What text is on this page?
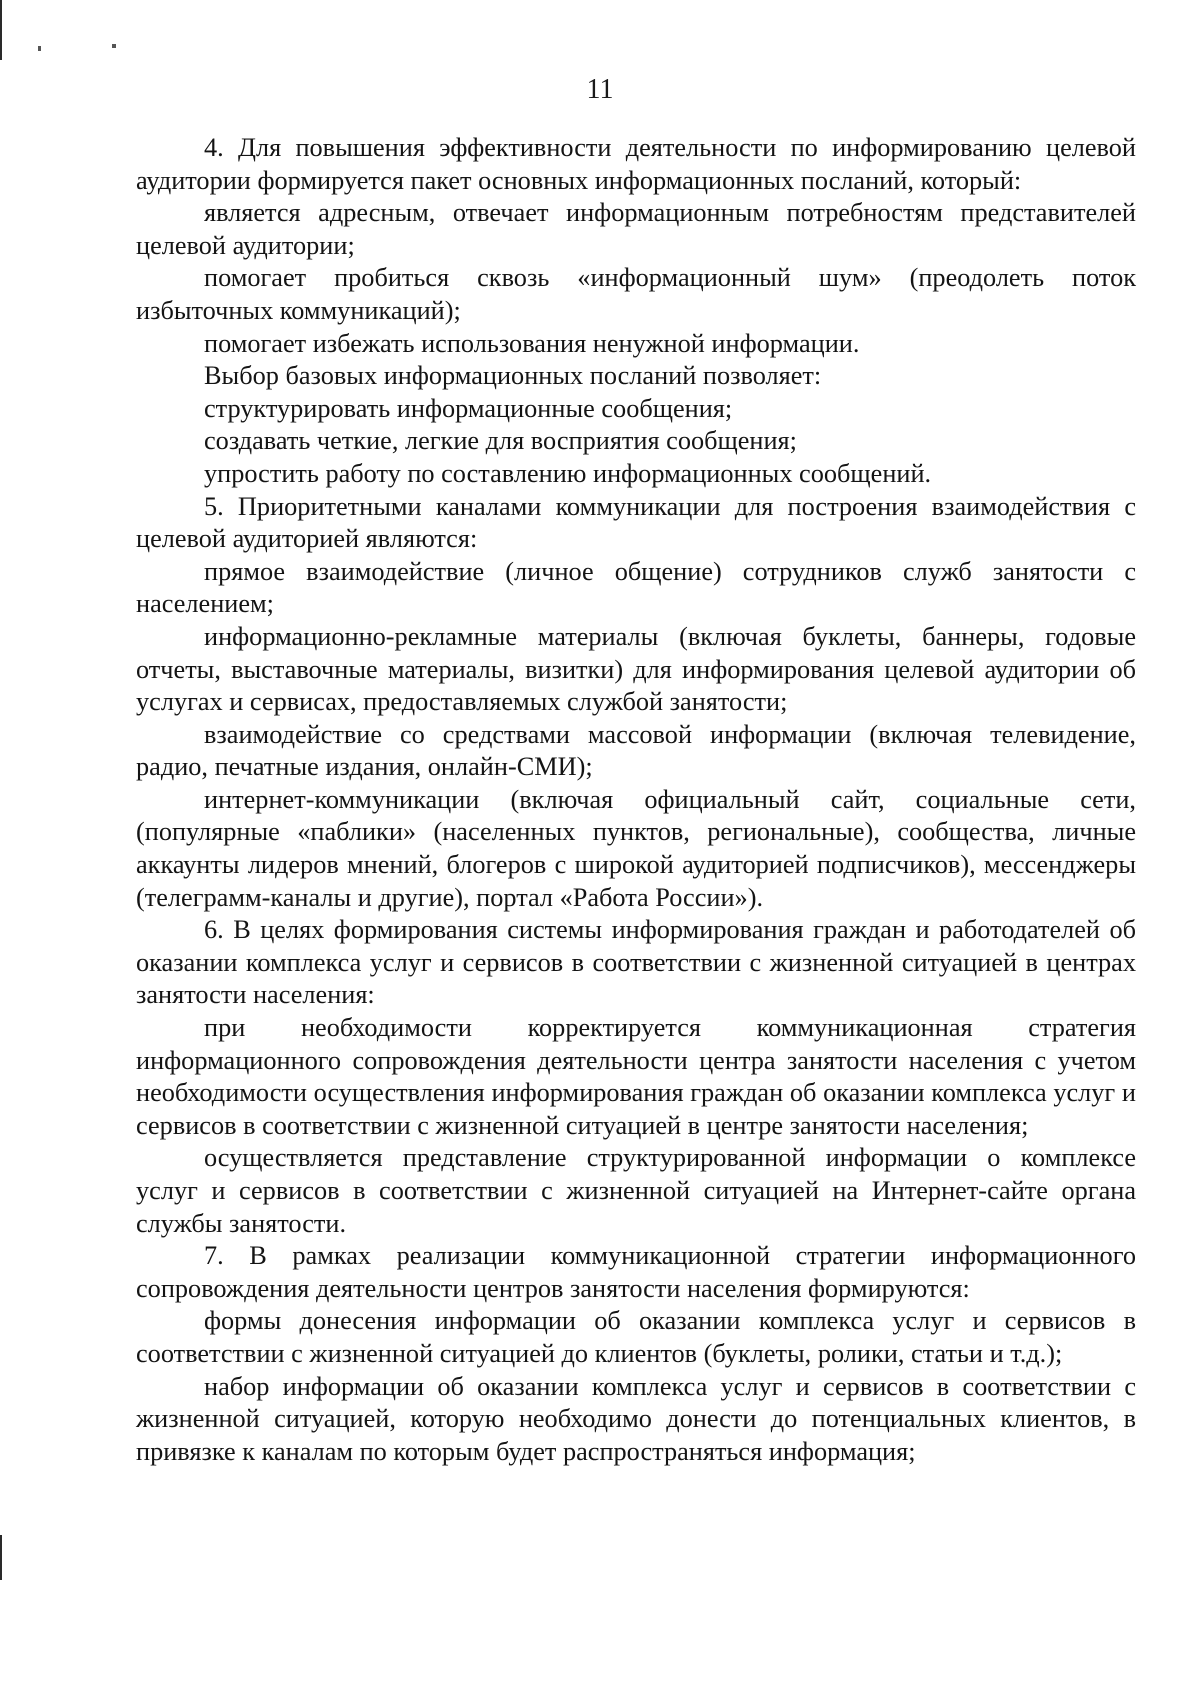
11

4. Для повышения эффективности деятельности по информированию целевой аудитории формируется пакет основных информационных посланий, который:

является адресным, отвечает информационным потребностям представителей целевой аудитории;

помогает пробиться сквозь «информационный шум» (преодолеть поток избыточных коммуникаций);

помогает избежать использования ненужной информации.

Выбор базовых информационных посланий позволяет:

структурировать информационные сообщения;

создавать четкие, легкие для восприятия сообщения;

упростить работу по составлению информационных сообщений.

5. Приоритетными каналами коммуникации для построения взаимодействия с целевой аудиторией являются:

прямое взаимодействие (личное общение) сотрудников служб занятости с населением;

информационно-рекламные материалы (включая буклеты, баннеры, годовые отчеты, выставочные материалы, визитки) для информирования целевой аудитории об услугах и сервисах, предоставляемых службой занятости;

взаимодействие со средствами массовой информации (включая телевидение, радио, печатные издания, онлайн-СМИ);

интернет-коммуникации (включая официальный сайт, социальные сети, (популярные «паблики» (населенных пунктов, региональные), сообщества, личные аккаунты лидеров мнений, блогеров с широкой аудиторией подписчиков), мессенджеры (телеграмм-каналы и другие), портал «Работа России»).

6. В целях формирования системы информирования граждан и работодателей об оказании комплекса услуг и сервисов в соответствии с жизненной ситуацией в центрах занятости населения:

при необходимости корректируется коммуникационная стратегия информационного сопровождения деятельности центра занятости населения с учетом необходимости осуществления информирования граждан об оказании комплекса услуг и сервисов в соответствии с жизненной ситуацией в центре занятости населения;

осуществляется представление структурированной информации о комплексе услуг и сервисов в соответствии с жизненной ситуацией на Интернет-сайте органа службы занятости.

7. В рамках реализации коммуникационной стратегии информационного сопровождения деятельности центров занятости населения формируются:

формы донесения информации об оказании комплекса услуг и сервисов в соответствии с жизненной ситуацией до клиентов (буклеты, ролики, статьи и т.д.);

набор информации об оказании комплекса услуг и сервисов в соответствии с жизненной ситуацией, которую необходимо донести до потенциальных клиентов, в привязке к каналам по которым будет распространяться информация;
